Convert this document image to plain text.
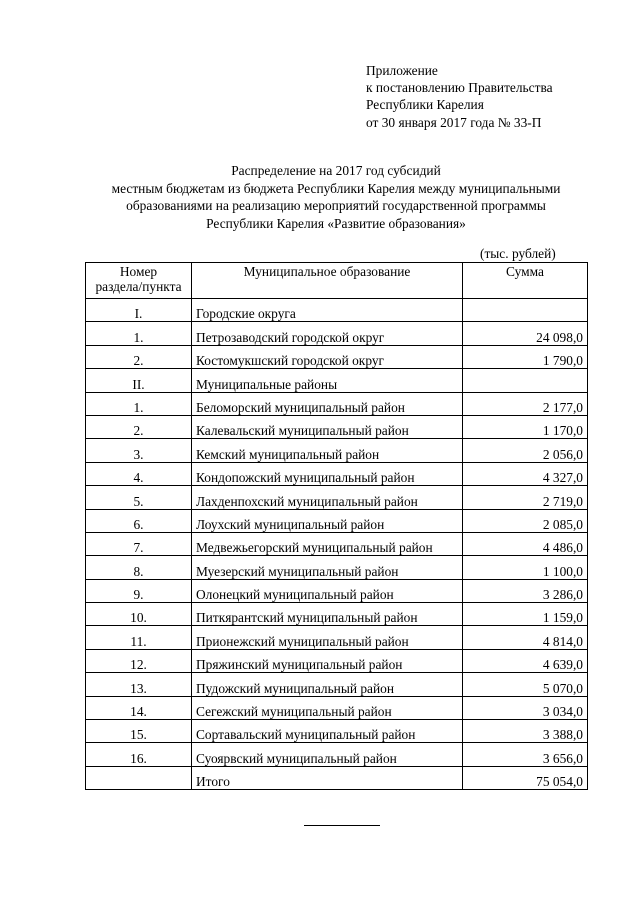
Приложение
к постановлению Правительства
Республики Карелия
от 30 января 2017 года № 33-П
Распределение на 2017 год субсидий
местным бюджетам из бюджета Республики Карелия между муниципальными
образованиями на реализацию мероприятий государственной программы
Республики Карелия «Развитие образования»
(тыс. рублей)
Номер
раздела/пункта	Муниципальное образование	Сумма
I.	Городские округа	
1.	Петрозаводский городской округ	24 098,0
2.	Костомукшский городской округ	1 790,0
II.	Муниципальные районы	
1.	Беломорский муниципальный район	2 177,0
2.	Калевальский муниципальный район	1 170,0
3.	Кемский муниципальный район	2 056,0
4.	Кондопожский муниципальный район	4 327,0
5.	Лахденпохский муниципальный район	2 719,0
6.	Лоухский муниципальный район	2 085,0
7.	Медвежьегорский муниципальный район	4 486,0
8.	Муезерский муниципальный район	1 100,0
9.	Олонецкий муниципальный район	3 286,0
10.	Питкярантский муниципальный район	1 159,0
11.	Прионежский муниципальный район	4 814,0
12.	Пряжинский муниципальный район	4 639,0
13.	Пудожский муниципальный район	5 070,0
14.	Сегежский муниципальный район	3 034,0
15.	Сортавальский муниципальный район	3 388,0
16.	Суоярвский муниципальный район	3 656,0
	Итого	75 054,0
